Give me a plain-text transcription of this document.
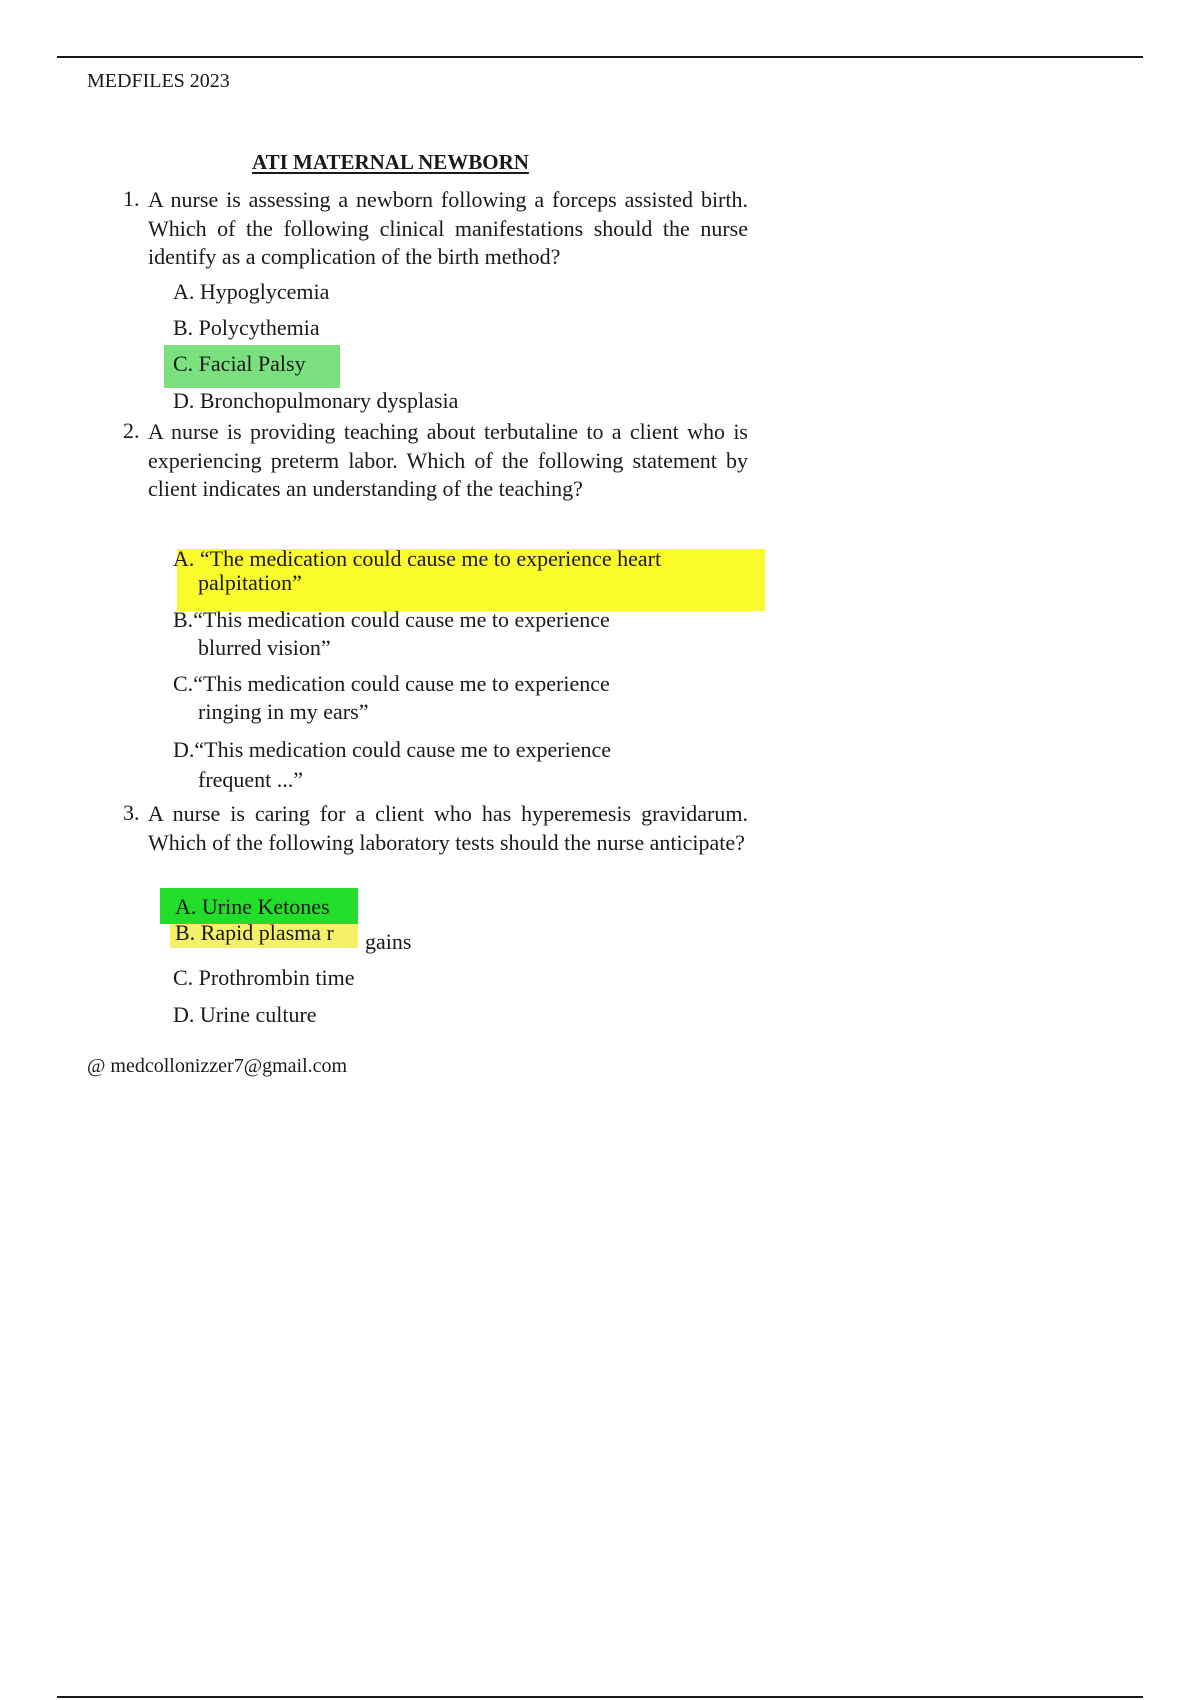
MEDFILES 2023
ATI MATERNAL NEWBORN
1. A nurse is assessing a newborn following a forceps assisted birth. Which of the following clinical manifestations should the nurse identify as a complication of the birth method?
A. Hypoglycemia
B. Polycythemia
C. Facial Palsy
D. Bronchopulmonary dysplasia
2. A nurse is providing teaching about terbutaline to a client who is experiencing preterm labor. Which of the following statement by client indicates an understanding of the teaching?
A. “The medication could cause me to experience heart
palpitation”
B.“This medication could cause me to experience
blurred vision”
C.“This medication could cause me to experience
ringing in my ears”
D.“This medication could cause me to experience
frequent ...”
3. A nurse is caring for a client who has hyperemesis gravidarum. Which of the following laboratory tests should the nurse anticipate?
A. Urine Ketones
B. Rapid plasma r gains
C. Prothrombin time
D. Urine culture
@ medcollonizzer7@gmail.com
